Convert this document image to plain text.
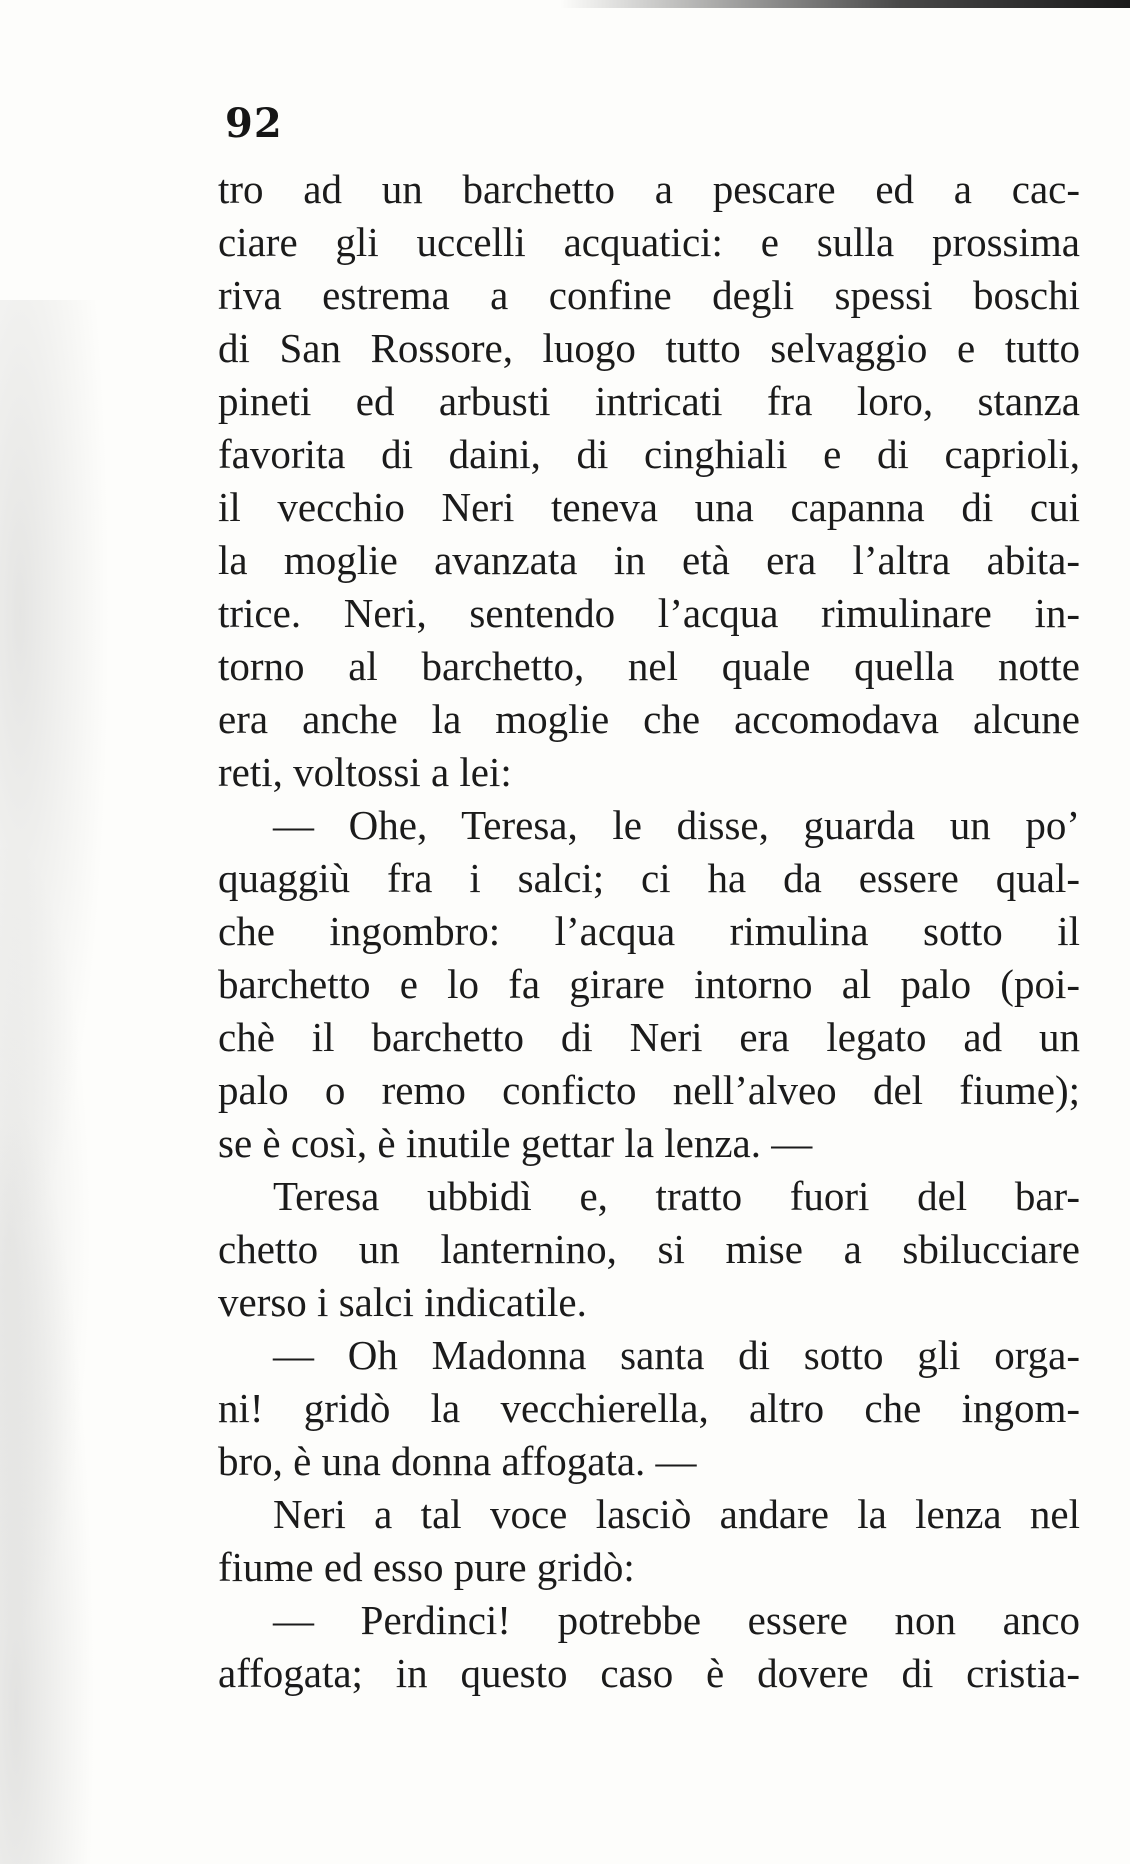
92
tro ad un barchetto a pescare ed a cac-
ciare gli uccelli acquatici: e sulla prossima
riva estrema a confine degli spessi boschi
di San Rossore, luogo tutto selvaggio e tutto
pineti ed arbusti intricati fra loro, stanza
favorita di daini, di cinghiali e di caprioli,
il vecchio Neri teneva una capanna di cui
la moglie avanzata in età era l’altra abita-
trice. Neri, sentendo l’acqua rimulinare in-
torno al barchetto, nel quale quella notte
era anche la moglie che accomodava alcune
reti, voltossi a lei:
— Ohe, Teresa, le disse, guarda un po’
quaggiù fra i salci; ci ha da essere qual-
che ingombro: l’acqua rimulina sotto il
barchetto e lo fa girare intorno al palo (poi-
chè il barchetto di Neri era legato ad un
palo o remo conficto nell’alveo del fiume);
se è così, è inutile gettar la lenza. —
Teresa ubbidì e, tratto fuori del bar-
chetto un lanternino, si mise a sbilucciare
verso i salci indicatile.
— Oh Madonna santa di sotto gli orga-
ni! gridò la vecchierella, altro che ingom-
bro, è una donna affogata. —
Neri a tal voce lasciò andare la lenza nel
fiume ed esso pure gridò:
— Perdinci! potrebbe essere non anco
affogata; in questo caso è dovere di cristia-
